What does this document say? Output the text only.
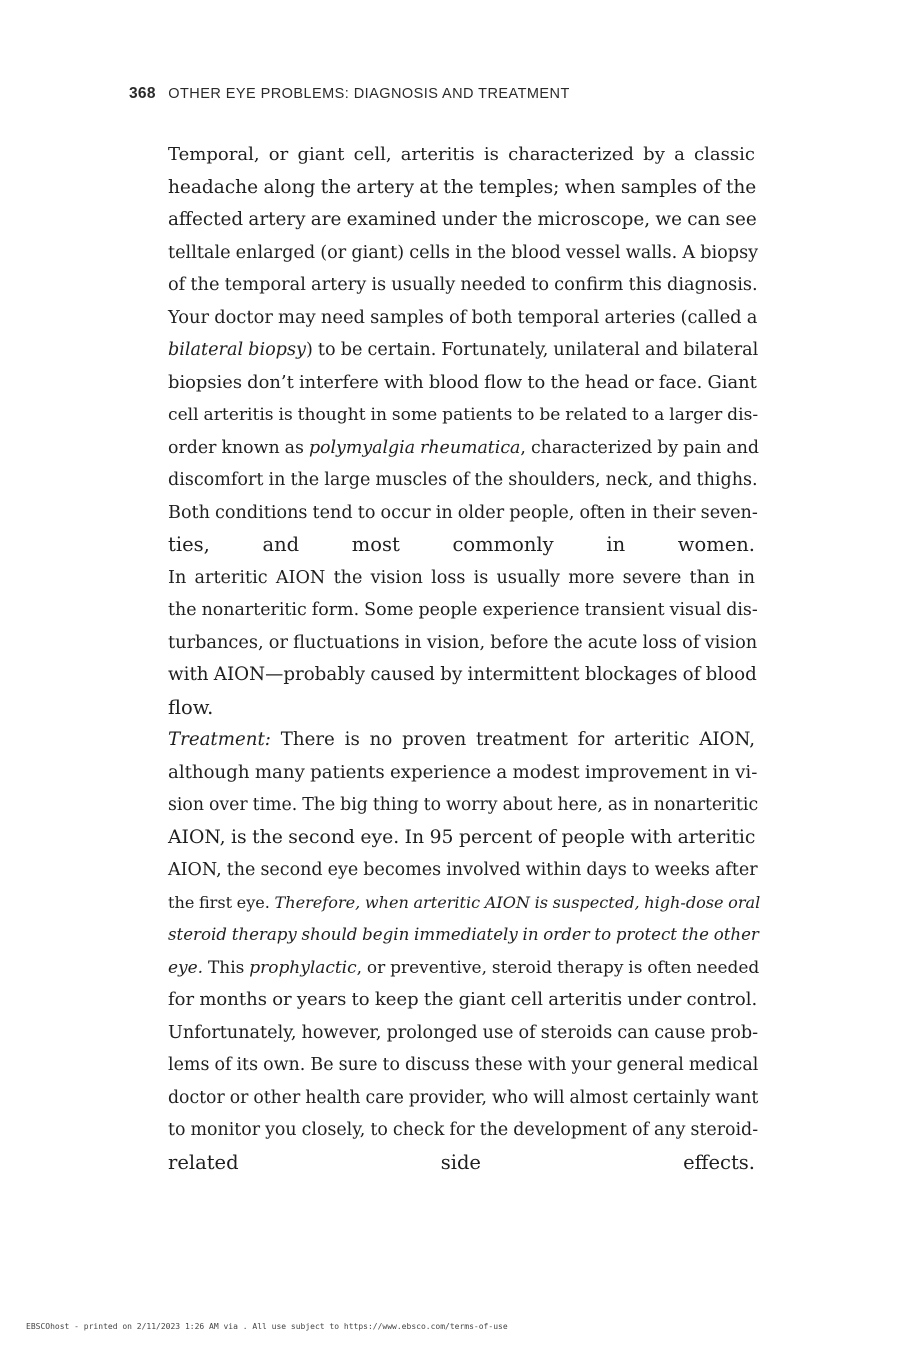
368 OTHER EYE PROBLEMS: DIAGNOSIS AND TREATMENT

Temporal, or giant cell, arteritis is characterized by a classic
headache along the artery at the temples; when samples of the
affected artery are examined under the microscope, we can see
telltale enlarged (or giant) cells in the blood vessel walls. A biopsy
of the temporal artery is usually needed to confirm this diagnosis.
Your doctor may need samples of both temporal arteries (called a
bilateral biopsy) to be certain. Fortunately, unilateral and bilateral
biopsies don’t interfere with blood flow to the head or face. Giant
cell arteritis is thought in some patients to be related to a larger dis-
order known as polymyalgia rheumatica, characterized by pain and
discomfort in the large muscles of the shoulders, neck, and thighs.
Both conditions tend to occur in older people, often in their seven-
ties, and most commonly in women.

In arteritic AION the vision loss is usually more severe than in
the nonarteritic form. Some people experience transient visual dis-
turbances, or fluctuations in vision, before the acute loss of vision
with AION—probably caused by intermittent blockages of blood
flow.

Treatment: There is no proven treatment for arteritic AION,
although many patients experience a modest improvement in vi-
sion over time. The big thing to worry about here, as in nonarteritic
AION, is the second eye. In 95 percent of people with arteritic
AION, the second eye becomes involved within days to weeks after
the first eye. Therefore, when arteritic AION is suspected, high-dose oral
steroid therapy should begin immediately in order to protect the other
eye. This prophylactic, or preventive, steroid therapy is often needed
for months or years to keep the giant cell arteritis under control.
Unfortunately, however, prolonged use of steroids can cause prob-
lems of its own. Be sure to discuss these with your general medical
doctor or other health care provider, who will almost certainly want
to monitor you closely, to check for the development of any steroid-
related side effects.

EBSCOhost - printed on 2/11/2023 1:26 AM via . All use subject to https://www.ebsco.com/terms-of-use
